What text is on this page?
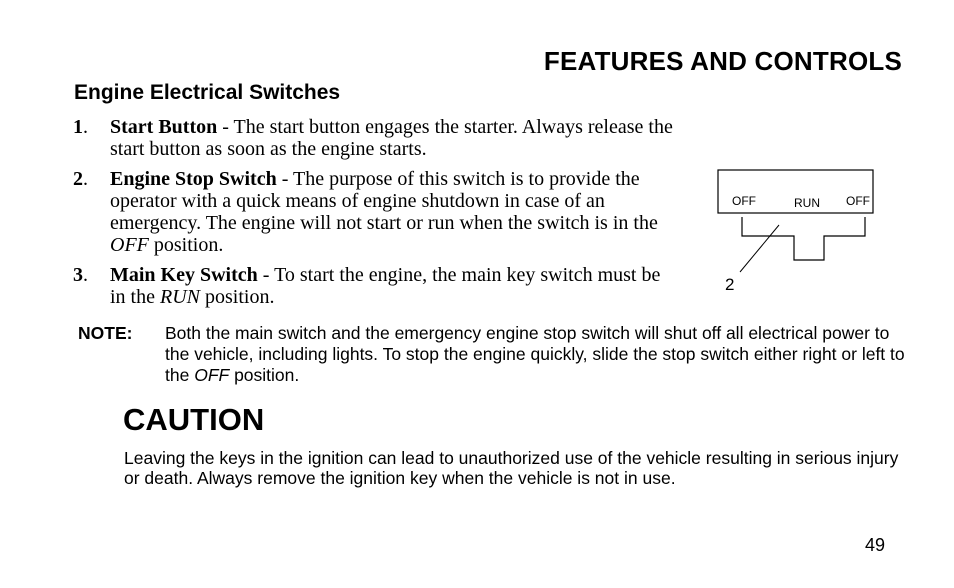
FEATURES AND CONTROLS
Engine Electrical Switches
1.	Start Button - The start button engages the starter. Always release the start button as soon as the engine starts.
2.	Engine Stop Switch - The purpose of this switch is to provide the operator with a quick means of engine shutdown in case of an emergency. The engine will not start or run when the switch is in the OFF position.
3.	Main Key Switch - To start the engine, the main key switch must be in the RUN position.
OFF	RUN OFF
2
NOTE:	Both the main switch and the emergency engine stop switch will shut off all electrical power to the vehicle, including lights. To stop the engine quickly, slide the stop switch either right or left to the OFF position.
CAUTION
Leaving the keys in the ignition can lead to unauthorized use of the vehicle resulting in serious injury or death. Always remove the ignition key when the vehicle is not in use.
49
